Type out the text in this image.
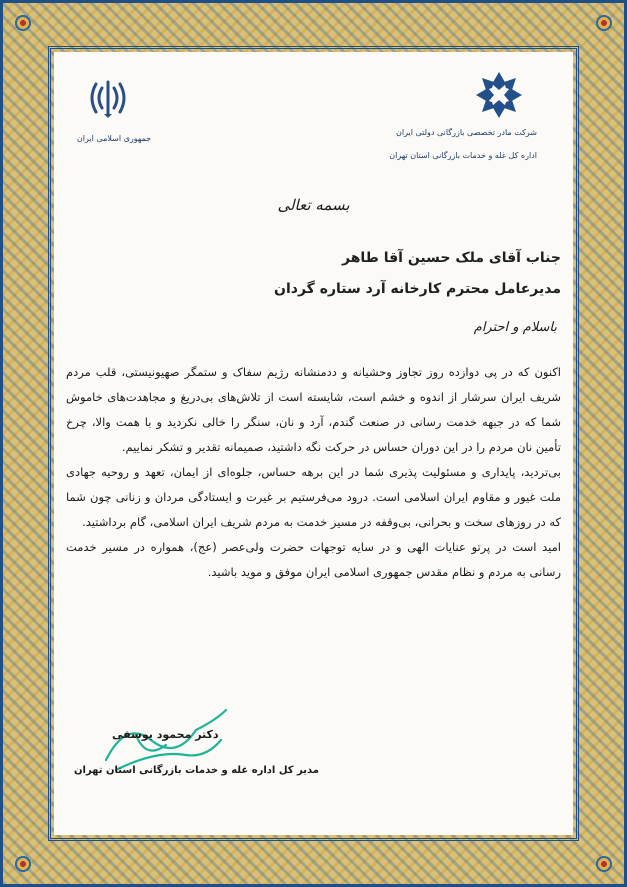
جمهوری اسلامی ایران
شرکت مادر تخصصی بازرگانی دولتی ایران
اداره کل غله و خدمات بازرگانی استان تهران
بسمه تعالی
جناب آقای ملک حسین آقا طاهر
مدیرعامل محترم کارخانه آرد ستاره گردان
باسلام و احترام

اکنون که در پی دوازده روز تجاوز وحشیانه و ددمنشانه رژیم سفاک و ستمگر صهیونیستی، قلب مردم شریف ایران سرشار از اندوه و خشم است، شایسته است از تلاش‌های بی‌دریغ و مجاهدت‌های خاموش شما که در جبهه خدمت رسانی در صنعت گندم، آرد و نان، سنگر را خالی نکردید و با همت والا، چرخ تأمین نان مردم را در این دوران حساس در حرکت نگه داشتید، صمیمانه تقدیر و تشکر نماییم.

بی‌تردید، پایداری و مسئولیت پذیری شما در این برهه حساس، جلوه‌ای از ایمان، تعهد و روحیه جهادی ملت غیور و مقاوم ایران اسلامی است. درود می‌فرستیم بر غیرت و ایستادگی مردان و زنانی چون شما که در روزهای سخت و بحرانی، بی‌وقفه در مسیر خدمت به مردم شریف ایران اسلامی، گام برداشتید.

امید است در پرتو عنایات الهی و در سایه توجهات حضرت ولی‌عصر (عج)، همواره در مسیر خدمت رسانی به مردم و نظام مقدس جمهوری اسلامی ایران موفق و موید باشید.

دکتر محمود یوسفی
مدیر کل اداره غله و خدمات بازرگانی استان تهران
